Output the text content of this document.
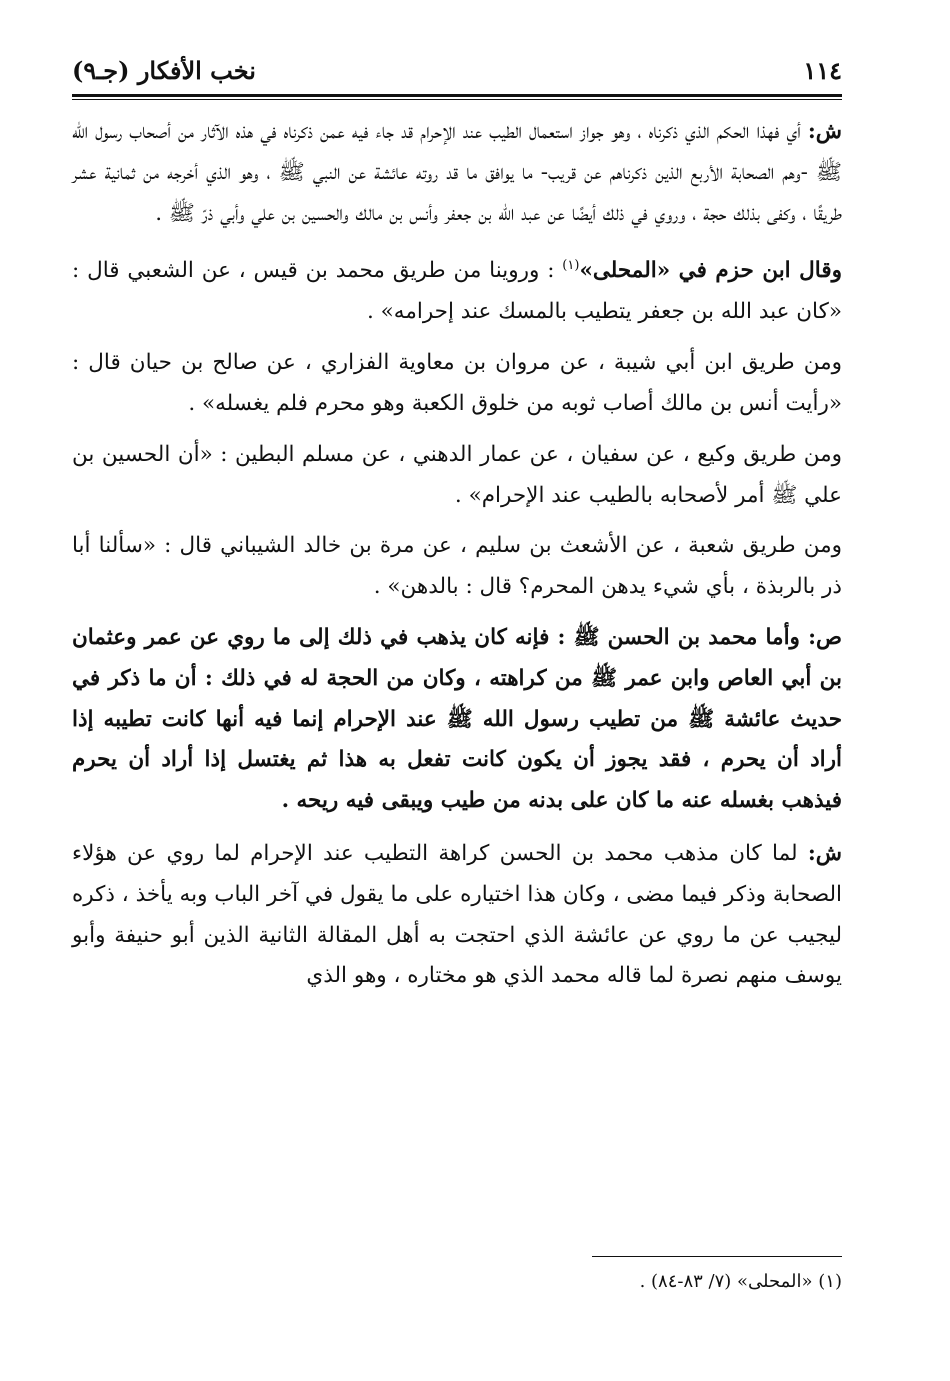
١١٤
نخب الأفكار (جـ٩)

ش: أي فهذا الحكم الذي ذكرناه ، وهو جواز استعمال الطيب عند الإحرام قد جاء فيه عمن ذكرناه في هذه الآثار من أصحاب رسول الله ﷺ -وهم الصحابة الأربع الذين ذكرناهم عن قريب- ما يوافق ما قد روته عائشة عن النبي ﷺ ، وهو الذي أخرجه من ثمانية عشر طريقًا ، وكفى بذلك حجة ، وروي في ذلك أيضًا عن عبد الله بن جعفر وأنس بن مالك والحسين بن علي وأبي ذرّ ﷺ .

وقال ابن حزم في «المحلى»$^{(١)}$ : وروينا من طريق محمد بن قيس ، عن الشعبي قال : «كان عبد الله بن جعفر يتطيب بالمسك عند إحرامه» .

ومن طريق ابن أبي شيبة ، عن مروان بن معاوية الفزاري ، عن صالح بن حيان قال : «رأيت أنس بن مالك أصاب ثوبه من خلوق الكعبة وهو محرم فلم يغسله» .

ومن طريق وكيع ، عن سفيان ، عن عمار الدهني ، عن مسلم البطين : «أن الحسين بن علي ﷺ أمر لأصحابه بالطيب عند الإحرام» .

ومن طريق شعبة ، عن الأشعث بن سليم ، عن مرة بن خالد الشيباني قال : «سألنا أبا ذر بالربذة ، بأي شيء يدهن المحرم؟ قال : بالدهن» .

ص: وأما محمد بن الحسن ﷺ : فإنه كان يذهب في ذلك إلى ما روي عن عمر وعثمان بن أبي العاص وابن عمر ﷺ من كراهته ، وكان من الحجة له في ذلك : أن ما ذكر في حديث عائشة ﷺ من تطيب رسول الله ﷺ عند الإحرام إنما فيه أنها كانت تطيبه إذا أراد أن يحرم ، فقد يجوز أن يكون كانت تفعل به هذا ثم يغتسل إذا أراد أن يحرم فيذهب بغسله عنه ما كان على بدنه من طيب ويبقى فيه ريحه .

ش: لما كان مذهب محمد بن الحسن كراهة التطيب عند الإحرام لما روي عن هؤلاء الصحابة وذكر فيما مضى ، وكان هذا اختياره على ما يقول في آخر الباب وبه يأخذ ، ذكره ليجيب عن ما روي عن عائشة الذي احتجت به أهل المقالة الثانية الذين أبو حنيفة وأبو يوسف منهم نصرة لما قاله محمد الذي هو مختاره ، وهو الذي

(١) «المحلى» (٧/ ٨٣-٨٤) .
